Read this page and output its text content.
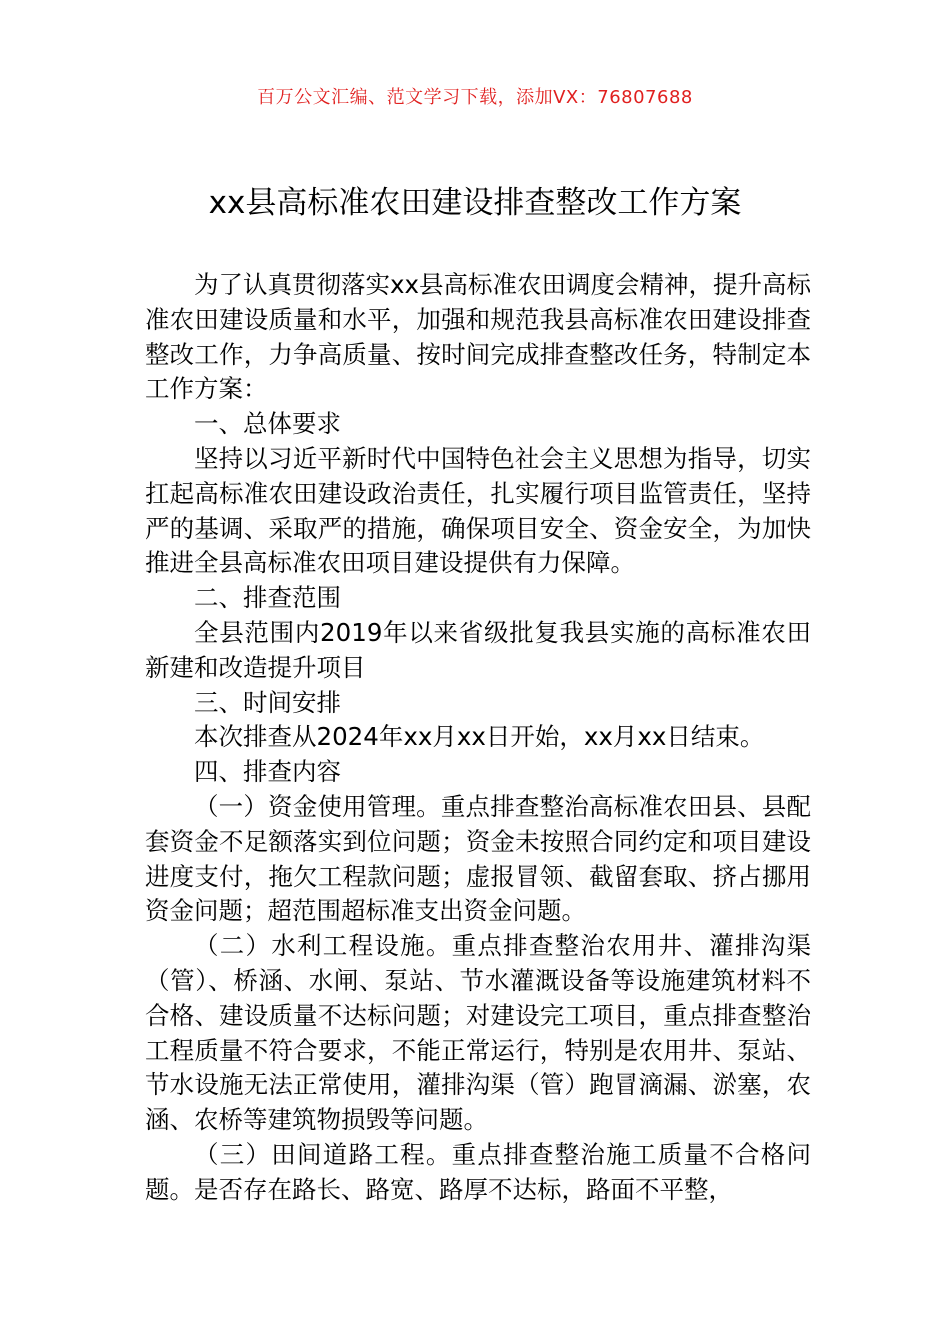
百万公文汇编、范文学习下载，添加VX：76807688
xx县高标准农田建设排查整改工作方案

为了认真贯彻落实xx县高标准农田调度会精神，提升高标准农田建设质量和水平，加强和规范我县高标准农田建设排查整改工作，力争高质量、按时间完成排查整改任务，特制定本工作方案：

一、总体要求

坚持以习近平新时代中国特色社会主义思想为指导，切实扛起高标准农田建设政治责任，扎实履行项目监管责任，坚持严的基调、采取严的措施，确保项目安全、资金安全，为加快推进全县高标准农田项目建设提供有力保障。

二、排查范围

全县范围内2019年以来省级批复我县实施的高标准农田新建和改造提升项目

三、时间安排

本次排查从2024年xx月xx日开始，xx月xx日结束。

四、排查内容

（一）资金使用管理。重点排查整治高标准农田县、县配套资金不足额落实到位问题；资金未按照合同约定和项目建设进度支付，拖欠工程款问题；虚报冒领、截留套取、挤占挪用资金问题；超范围超标准支出资金问题。

（二）水利工程设施。重点排查整治农用井、灌排沟渠（管）、桥涵、水闸、泵站、节水灌溉设备等设施建筑材料不合格、建设质量不达标问题；对建设完工项目，重点排查整治工程质量不符合要求，不能正常运行，特别是农用井、泵站、节水设施无法正常使用，灌排沟渠（管）跑冒滴漏、淤塞，农涵、农桥等建筑物损毁等问题。

（三）田间道路工程。重点排查整治施工质量不合格问题。是否存在路长、路宽、路厚不达标，路面不平整，
